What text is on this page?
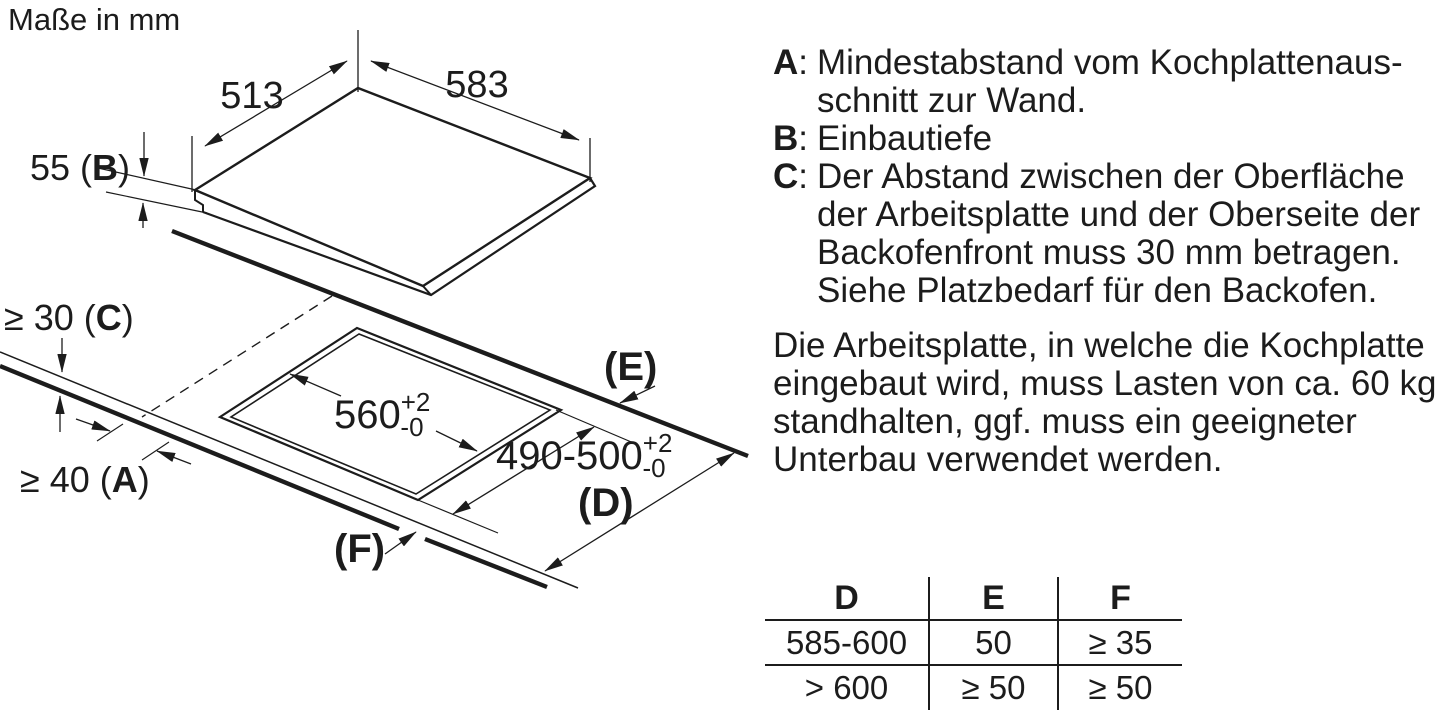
Maße in mm
513	583
55 (B)
$560^{+2}$ -0
$490-500^{+2}$ -0
(E)
(D)
(F)
≥ 30 (C)
≥ 40 (A)
A: Mindestabstand vom Kochplattenaus-
schnitt zur Wand.
B: Einbautiefe
C: Der Abstand zwischen der Oberfläche
der Arbeitsplatte und der Oberseite der
Backofenfront muss 30 mm betragen.
Siehe Platzbedarf für den Backofen.
Die Arbeitsplatte, in welche die Kochplatte
eingebaut wird, muss Lasten von ca. 60 kg
standhalten, ggf. muss ein geeigneter
Unterbau verwendet werden.
D	E	F
585-600	50	≥ 35
> 600	≥ 50	≥ 50
